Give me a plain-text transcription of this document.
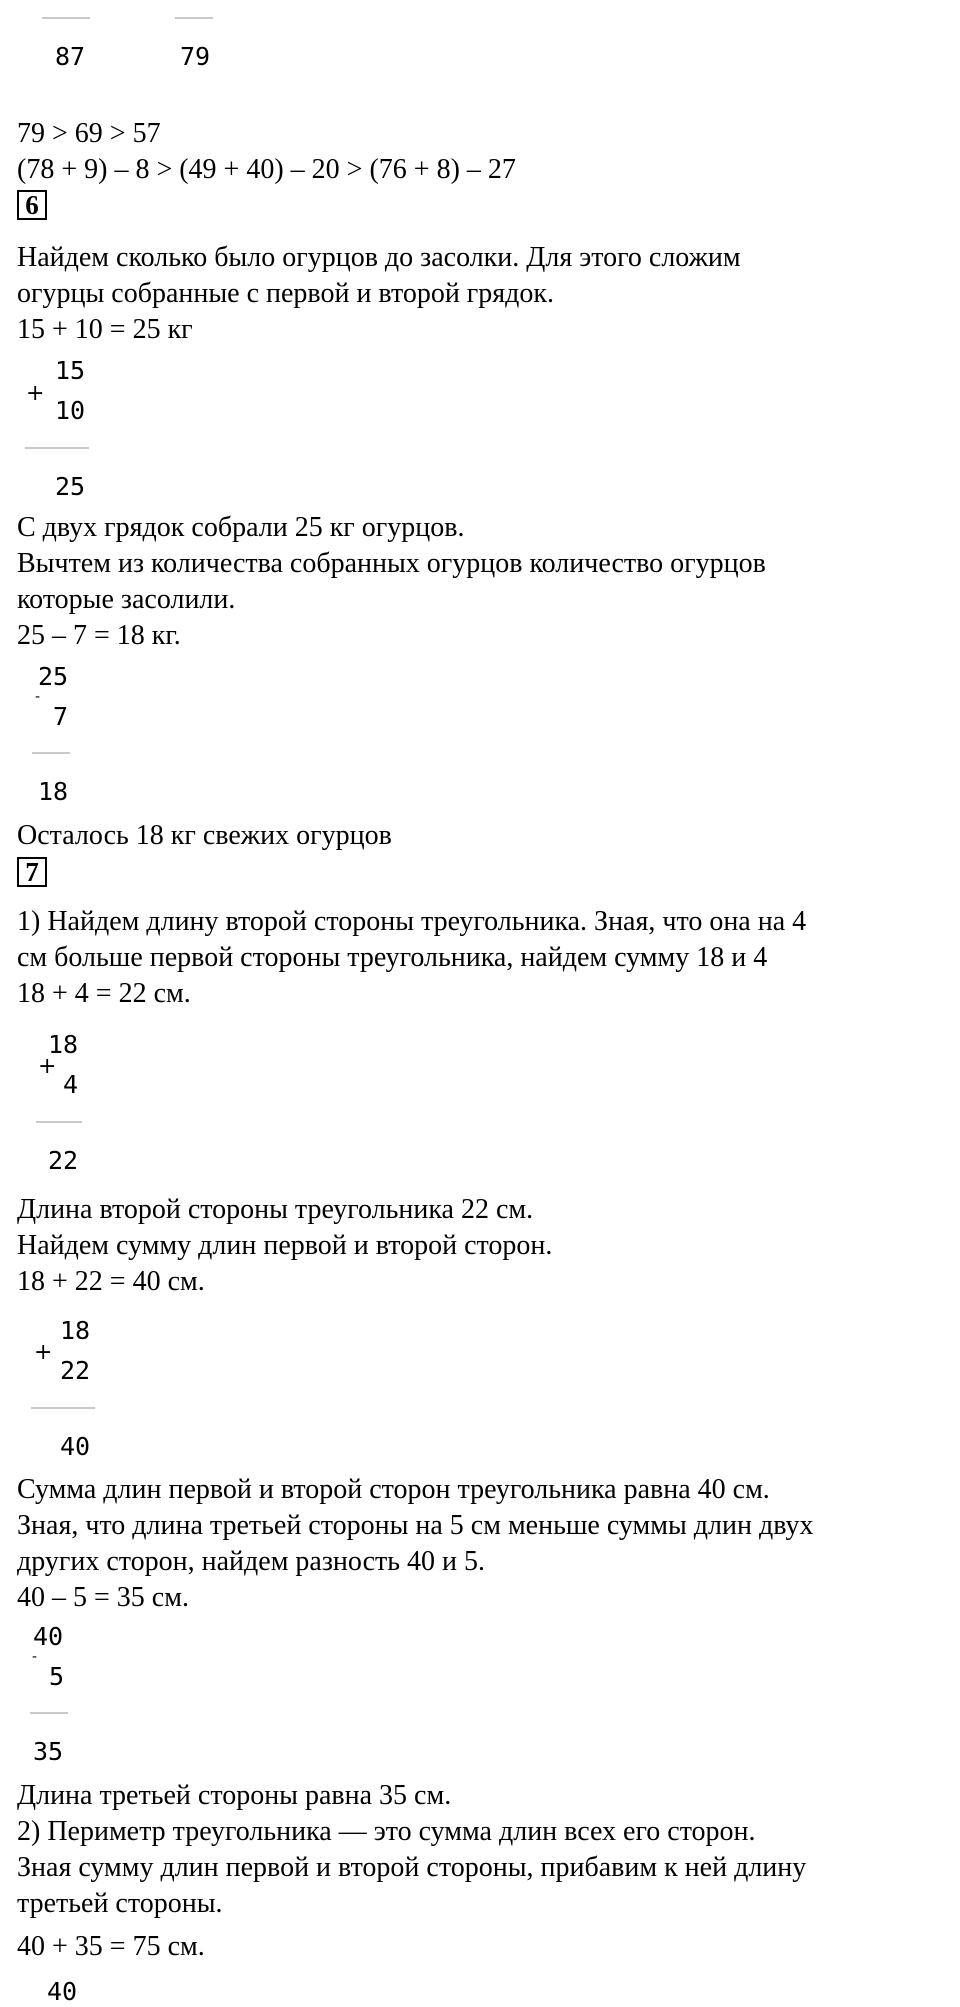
87	79
79 > 69 > 57
(78 + 9) – 8 > (49 + 40) – 20 > (76 + 8) – 27
6
Найдем сколько было огурцов до засолки. Для этого сложим
огурцы собранные с первой и второй грядок.
15 + 10 = 25 кг
15
+
10
25
С двух грядок собрали 25 кг огурцов.
Вычтем из количества собранных огурцов количество огурцов
которые засолили.
25 – 7 = 18 кг.
25
-
7
18
Осталось 18 кг свежих огурцов
7
1) Найдем длину второй стороны треугольника. Зная, что она на 4
см больше первой стороны треугольника, найдем сумму 18 и 4
18 + 4 = 22 см.
18
+
4
22
Длина второй стороны треугольника 22 см.
Найдем сумму длин первой и второй сторон.
18 + 22 = 40 см.
18
+
22
40
Сумма длин первой и второй сторон треугольника равна 40 см.
Зная, что длина третьей стороны на 5 см меньше суммы длин двух
других сторон, найдем разность 40 и 5.
40 – 5 = 35 см.
40
-
5
35
Длина третьей стороны равна 35 см.
2) Периметр треугольника — это сумма длин всех его сторон.
Зная сумму длин первой и второй стороны, прибавим к ней длину
третьей стороны.
40 + 35 = 75 см.
40
